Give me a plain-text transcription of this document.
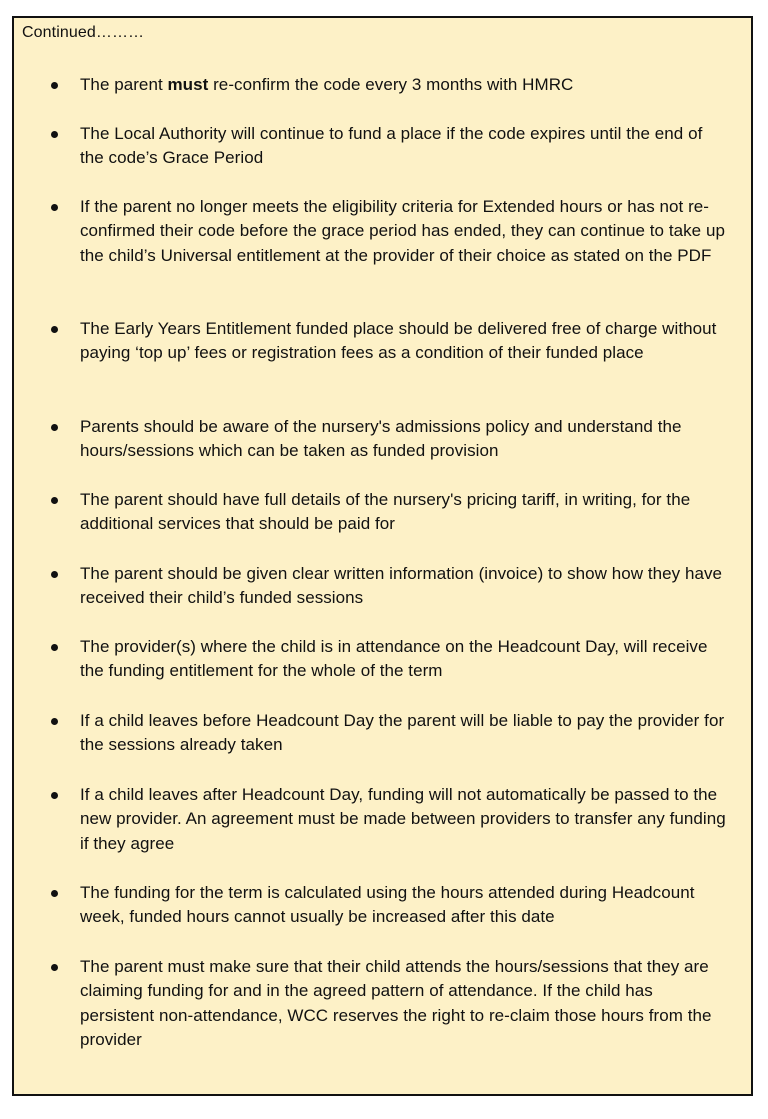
Continued………
The parent must re-confirm the code every 3 months with HMRC
The Local Authority will continue to fund a place if the code expires until the end of the code’s Grace Period
If the parent no longer meets the eligibility criteria for Extended hours or has not re-confirmed their code before the grace period has ended, they can continue to take up the child’s Universal entitlement at the provider of their choice as stated on the PDF
The Early Years Entitlement funded place should be delivered free of charge without paying ‘top up’ fees or registration fees as a condition of their funded place
Parents should be aware of the nursery's admissions policy and understand the hours/sessions which can be taken as funded provision
The parent should have full details of the nursery's pricing tariff, in writing, for the additional services that should be paid for
The parent should be given clear written information (invoice) to show how they have received their child’s funded sessions
The provider(s) where the child is in attendance on the Headcount Day, will receive the funding entitlement for the whole of the term
If a child leaves before Headcount Day the parent will be liable to pay the provider for the sessions already taken
If a child leaves after Headcount Day, funding will not automatically be passed to the new provider. An agreement must be made between providers to transfer any funding if they agree
The funding for the term is calculated using the hours attended during Headcount week, funded hours cannot usually be increased after this date
The parent must make sure that their child attends the hours/sessions that they are claiming funding for and in the agreed pattern of attendance. If the child has persistent non-attendance, WCC reserves the right to re-claim those hours from the provider
